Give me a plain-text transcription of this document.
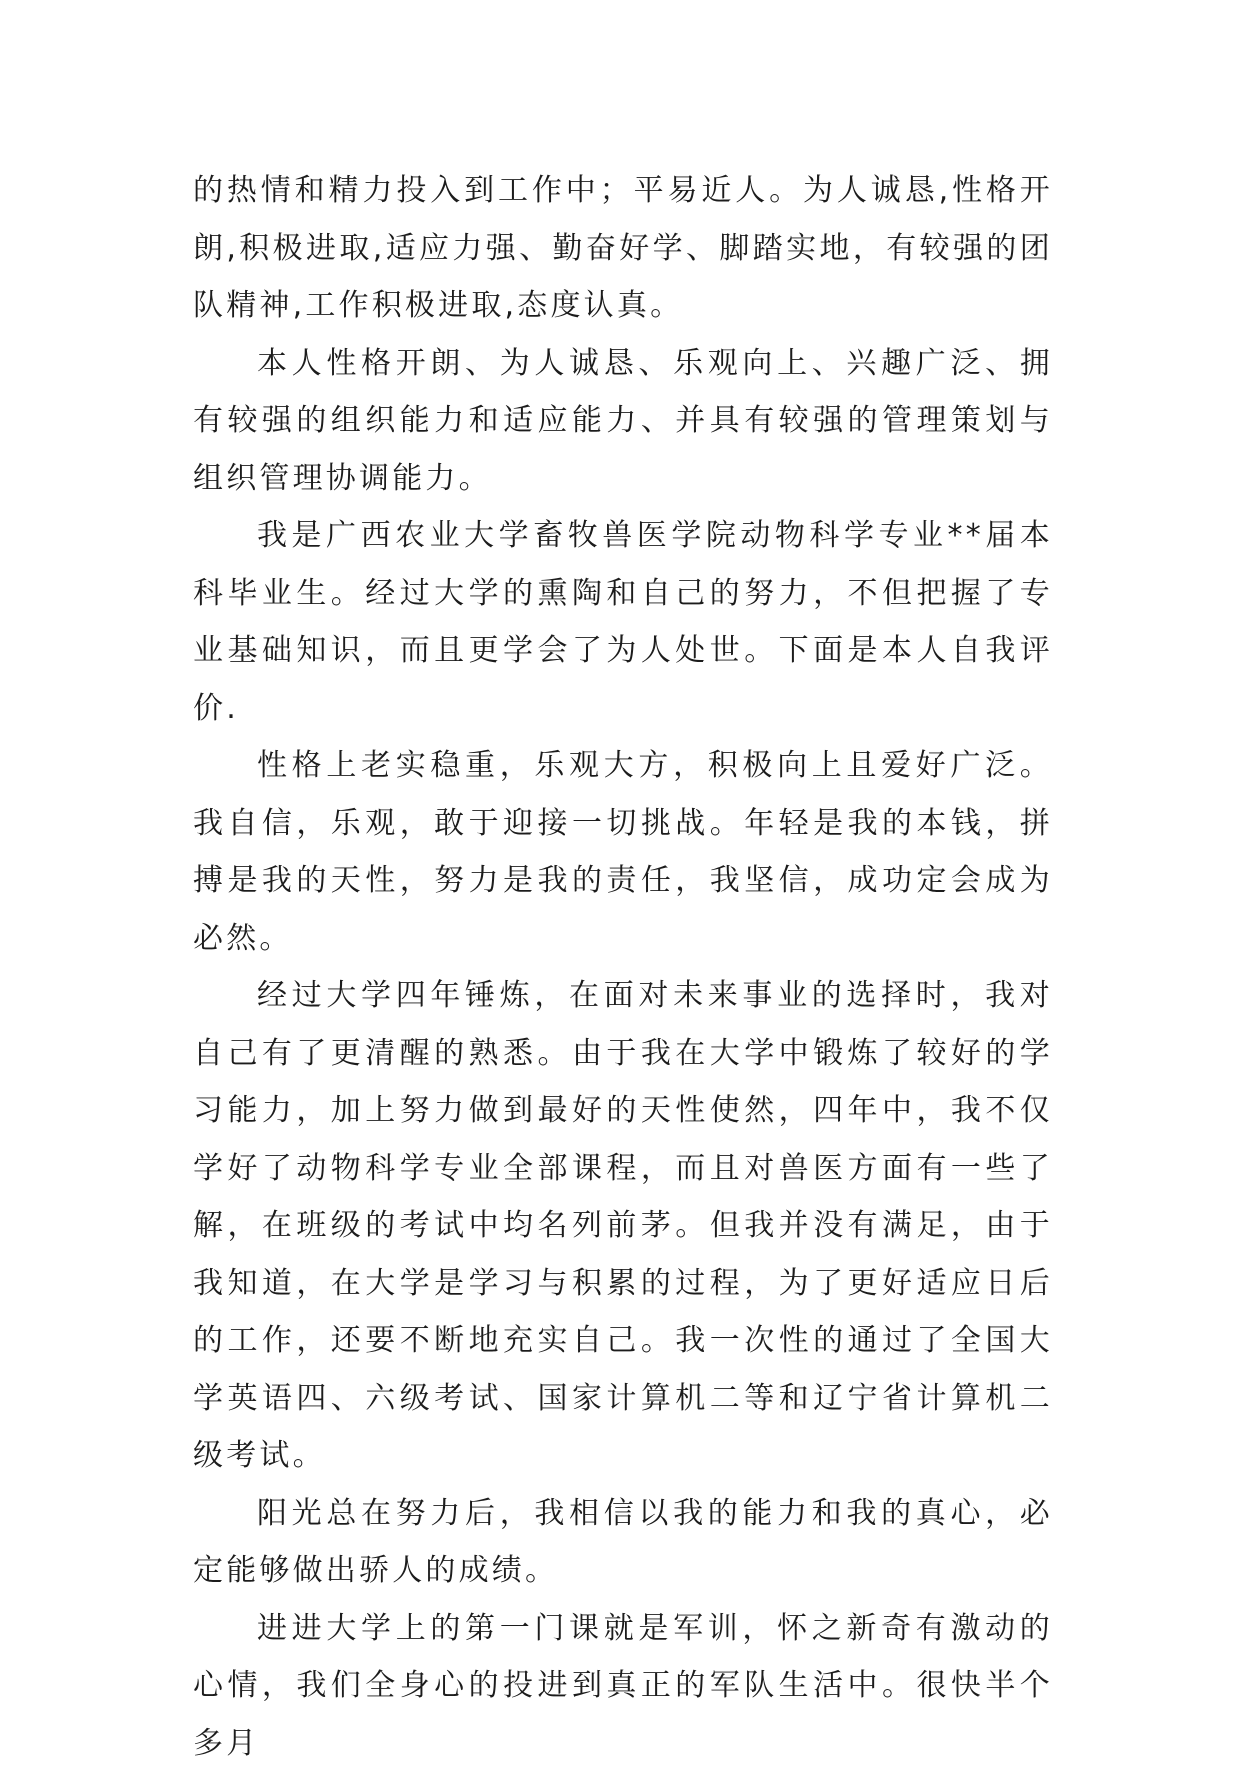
的热情和精力投入到工作中；平易近人。为人诚恳,性格开朗,积极进取,适应力强、勤奋好学、脚踏实地，有较强的团队精神,工作积极进取,态度认真。

本人性格开朗、为人诚恳、乐观向上、兴趣广泛、拥有较强的组织能力和适应能力、并具有较强的管理策划与组织管理协调能力。

我是广西农业大学畜牧兽医学院动物科学专业**届本科毕业生。经过大学的熏陶和自己的努力，不但把握了专业基础知识，而且更学会了为人处世。下面是本人自我评价.

性格上老实稳重，乐观大方，积极向上且爱好广泛。我自信，乐观，敢于迎接一切挑战。年轻是我的本钱，拼搏是我的天性，努力是我的责任，我坚信，成功定会成为必然。

经过大学四年锤炼，在面对未来事业的选择时，我对自己有了更清醒的熟悉。由于我在大学中锻炼了较好的学习能力，加上努力做到最好的天性使然，四年中，我不仅学好了动物科学专业全部课程，而且对兽医方面有一些了解，在班级的考试中均名列前茅。但我并没有满足，由于我知道，在大学是学习与积累的过程，为了更好适应日后的工作，还要不断地充实自己。我一次性的通过了全国大学英语四、六级考试、国家计算机二等和辽宁省计算机二级考试。

阳光总在努力后，我相信以我的能力和我的真心，必定能够做出骄人的成绩。

进进大学上的第一门课就是军训，怀之新奇有激动的心情，我们全身心的投进到真正的军队生活中。很快半个多月
